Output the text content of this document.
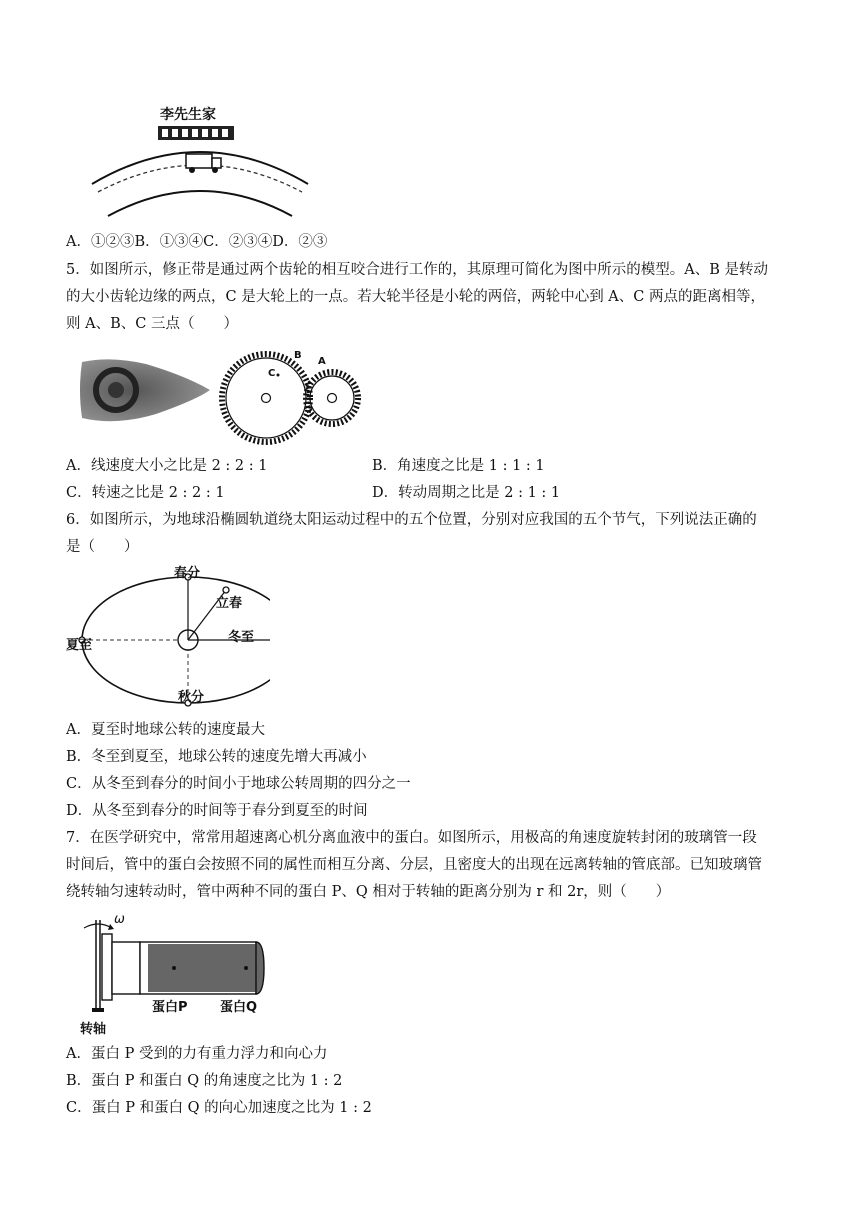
李先生家
A．①②③B．①③④C．②③④D．②③
5．如图所示，修正带是通过两个齿轮的相互咬合进行工作的，其原理可简化为图中所示的模型。A、B 是转动
的大小齿轮边缘的两点，C 是大轮上的一点。若大轮半径是小轮的两倍，两轮中心到 A、C 两点的距离相等，
则 A、B、C 三点（　　）
B
C
A
A．线速度大小之比是 2 : 2 : 1	B．角速度之比是 1 : 1 : 1
C．转速之比是 2 : 2 : 1	D．转动周期之比是 2 : 1 : 1
6．如图所示，为地球沿椭圆轨道绕太阳运动过程中的五个位置，分别对应我国的五个节气，下列说法正确的
是（　　）
春分
立春
夏至
冬至
秋分
A．夏至时地球公转的速度最大
B．冬至到夏至，地球公转的速度先增大再减小
C．从冬至到春分的时间小于地球公转周期的四分之一
D．从冬至到春分的时间等于春分到夏至的时间
7．在医学研究中，常常用超速离心机分离血液中的蛋白。如图所示，用极高的角速度旋转封闭的玻璃管一段
时间后，管中的蛋白会按照不同的属性而相互分离、分层，且密度大的出现在远离转轴的管底部。已知玻璃管
绕转轴匀速转动时，管中两种不同的蛋白 P、Q 相对于转轴的距离分别为 r 和 2r，则（　　）
ω
蛋白P 蛋白Q
转轴
A．蛋白 P 受到的力有重力浮力和向心力
B．蛋白 P 和蛋白 Q 的角速度之比为 1 : 2
C．蛋白 P 和蛋白 Q 的向心加速度之比为 1 : 2
